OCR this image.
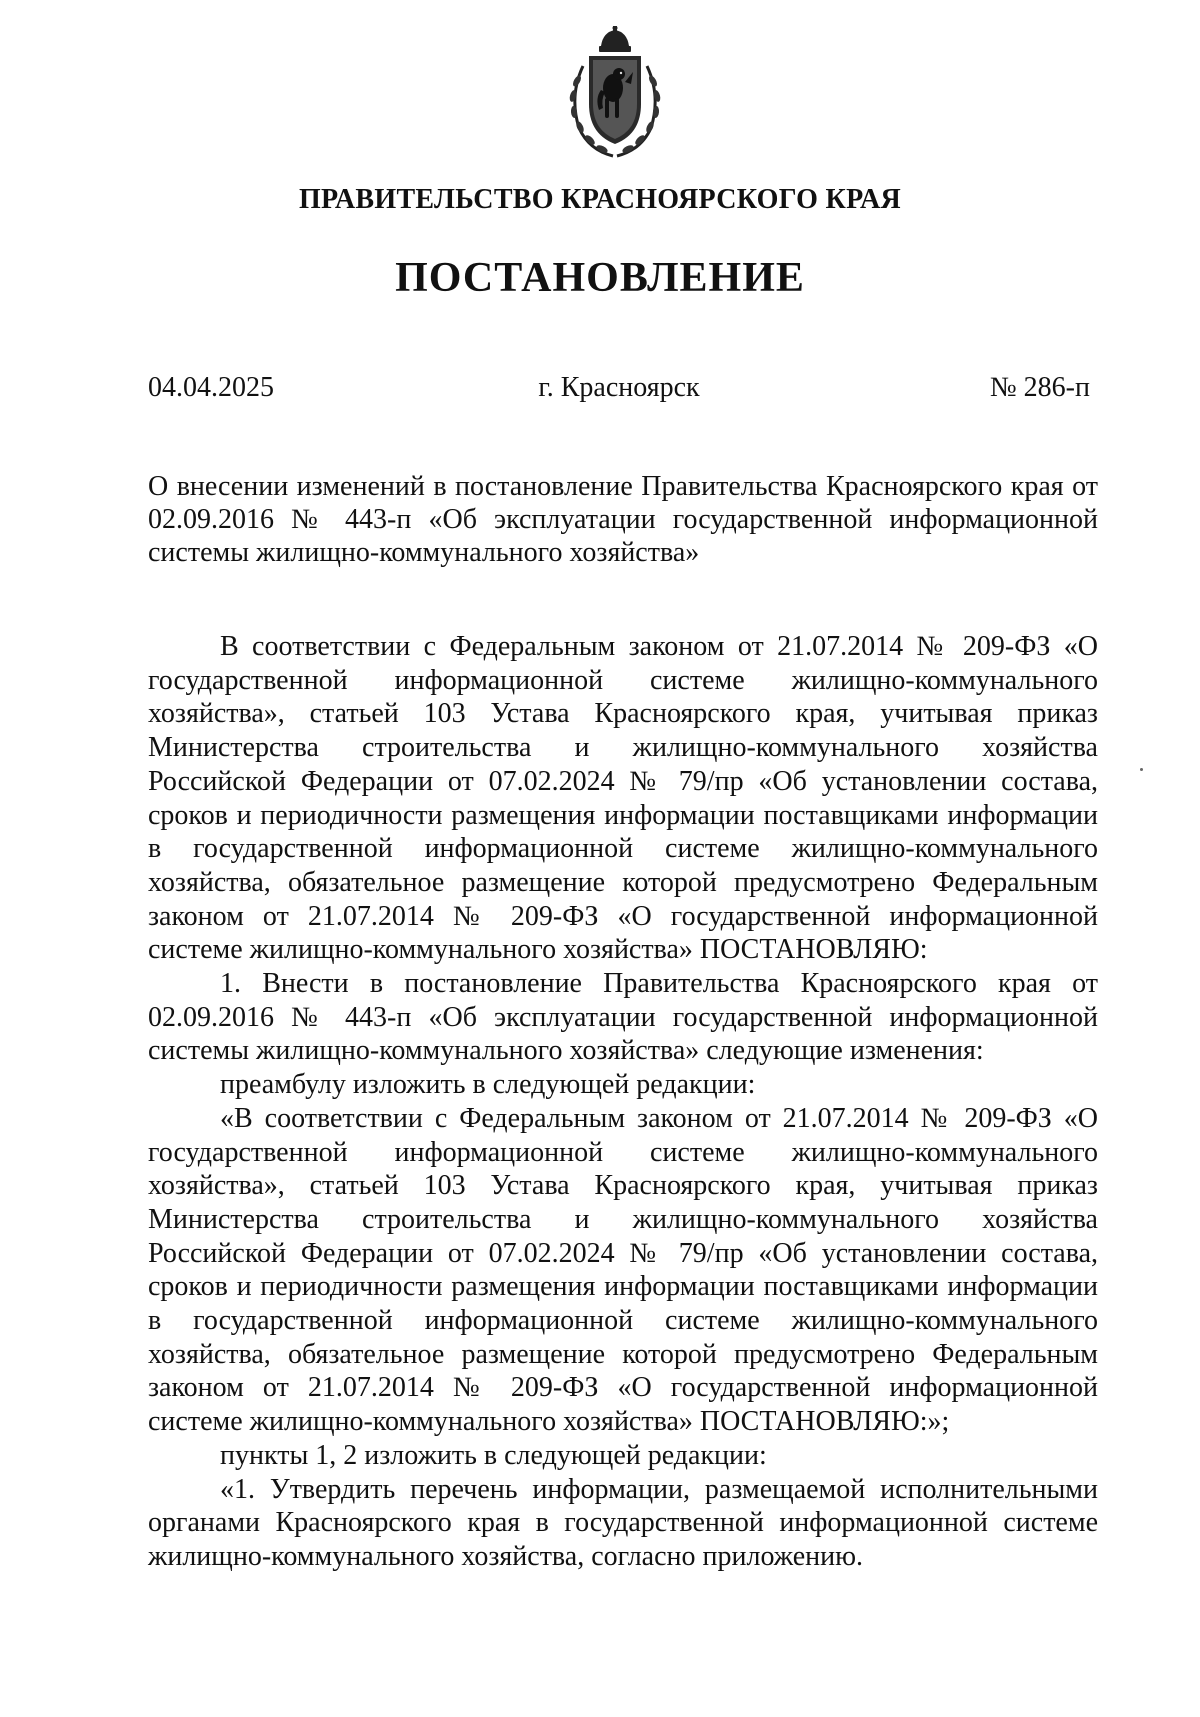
ПРАВИТЕЛЬСТВО КРАСНОЯРСКОГО КРАЯ
ПОСТАНОВЛЕНИЕ
04.04.2025	г. Красноярск	№ 286-п
О внесении изменений в постановление Правительства Красноярского края от 02.09.2016 № 443-п «Об эксплуатации государственной информационной системы жилищно-коммунального хозяйства»

В соответствии с Федеральным законом от 21.07.2014 № 209-ФЗ «О государственной информационной системе жилищно-коммунального хозяйства», статьей 103 Устава Красноярского края, учитывая приказ Министерства строительства и жилищно-коммунального хозяйства Российской Федерации от 07.02.2024 № 79/пр «Об установлении состава, сроков и периодичности размещения информации поставщиками информации в государственной информационной системе жилищно-коммунального хозяйства, обязательное размещение которой предусмотрено Федеральным законом от 21.07.2014 № 209-ФЗ «О государственной информационной системе жилищно-коммунального хозяйства» ПОСТАНОВЛЯЮ:

1. Внести в постановление Правительства Красноярского края от 02.09.2016 № 443-п «Об эксплуатации государственной информационной системы жилищно-коммунального хозяйства» следующие изменения:

преамбулу изложить в следующей редакции:

«В соответствии с Федеральным законом от 21.07.2014 № 209-ФЗ «О государственной информационной системе жилищно-коммунального хозяйства», статьей 103 Устава Красноярского края, учитывая приказ Министерства строительства и жилищно-коммунального хозяйства Российской Федерации от 07.02.2024 № 79/пр «Об установлении состава, сроков и периодичности размещения информации поставщиками информации в государственной информационной системе жилищно-коммунального хозяйства, обязательное размещение которой предусмотрено Федеральным законом от 21.07.2014 № 209-ФЗ «О государственной информационной системе жилищно-коммунального хозяйства» ПОСТАНОВЛЯЮ:»;

пункты 1, 2 изложить в следующей редакции:

«1. Утвердить перечень информации, размещаемой исполнительными органами Красноярского края в государственной информационной системе жилищно-коммунального хозяйства, согласно приложению.
